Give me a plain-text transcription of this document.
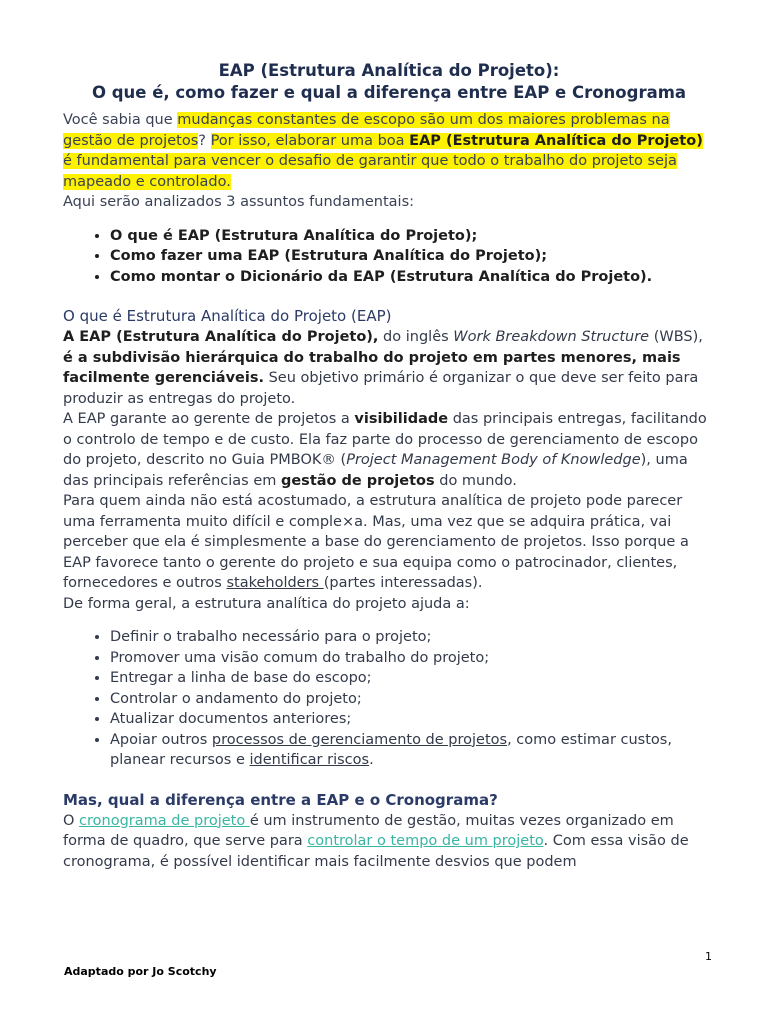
EAP (Estrutura Analítica do Projeto):
O que é, como fazer e qual a diferença entre EAP e Cronograma

Você sabia que mudanças constantes de escopo são um dos maiores problemas na gestão de projetos? Por isso, elaborar uma boa EAP (Estrutura Analítica do Projeto) é fundamental para vencer o desafio de garantir que todo o trabalho do projeto seja mapeado e controlado.

Aqui serão analizados 3 assuntos fundamentais:

• O que é EAP (Estrutura Analítica do Projeto);
• Como fazer uma EAP (Estrutura Analítica do Projeto);
• Como montar o Dicionário da EAP (Estrutura Analítica do Projeto).
O que é Estrutura Analítica do Projeto (EAP)

A EAP (Estrutura Analítica do Projeto), do inglês Work Breakdown Structure (WBS), é a subdivisão hierárquica do trabalho do projeto em partes menores, mais facilmente gerenciáveis. Seu objetivo primário é organizar o que deve ser feito para produzir as entregas do projeto.

A EAP garante ao gerente de projetos a visibilidade das principais entregas, facilitando o controlo de tempo e de custo. Ela faz parte do processo de gerenciamento de escopo do projeto, descrito no Guia PMBOK® (Project Management Body of Knowledge), uma das principais referências em gestão de projetos do mundo.

Para quem ainda não está acostumado, a estrutura analítica de projeto pode parecer uma ferramenta muito difícil e comple×a. Mas, uma vez que se adquira prática, vai perceber que ela é simplesmente a base do gerenciamento de projetos. Isso porque a EAP favorece tanto o gerente do projeto e sua equipa como o patrocinador, clientes, fornecedores e outros stakeholders (partes interessadas).

De forma geral, a estrutura analítica do projeto ajuda a:

• Definir o trabalho necessário para o projeto;
• Promover uma visão comum do trabalho do projeto;
• Entregar a linha de base do escopo;
• Controlar o andamento do projeto;
• Atualizar documentos anteriores;
• Apoiar outros processos de gerenciamento de projetos, como estimar custos, planear recursos e identificar riscos.
Mas, qual a diferença entre a EAP e o Cronograma?

O cronograma de projeto é um instrumento de gestão, muitas vezes organizado em forma de quadro, que serve para controlar o tempo de um projeto. Com essa visão de cronograma, é possível identificar mais facilmente desvios que podem

1
Adaptado por Jo Scotchy
